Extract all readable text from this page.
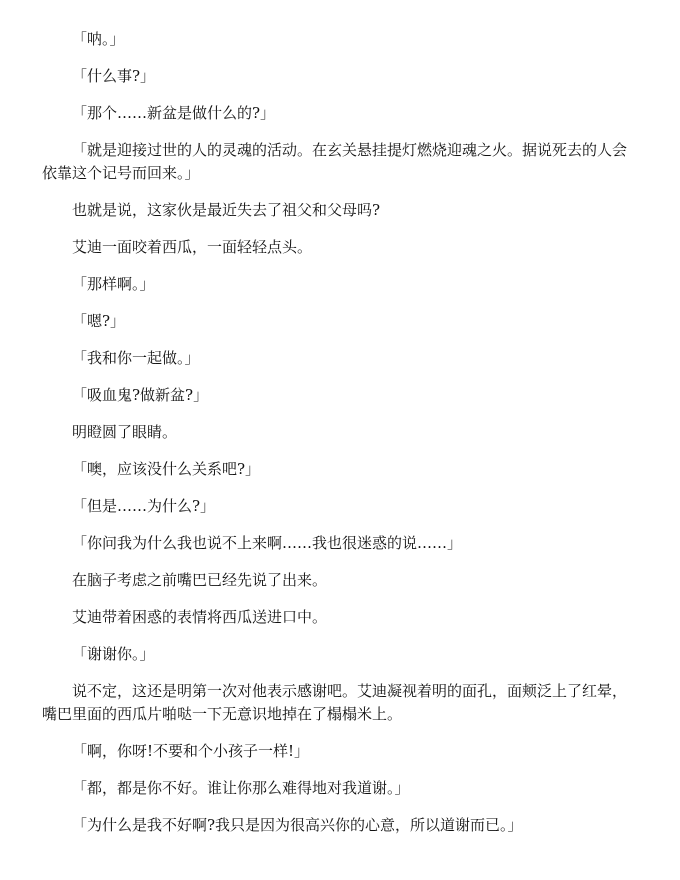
「呐。」

「什么事?」

「那个……新盆是做什么的?」

「就是迎接过世的人的灵魂的活动。在玄关悬挂提灯燃烧迎魂之火。据说死去的人会依靠这个记号而回来。」

也就是说，这家伙是最近失去了祖父和父母吗?

艾迪一面咬着西瓜，一面轻轻点头。

「那样啊。」

「嗯?」

「我和你一起做。」

「吸血鬼?做新盆?」

明瞪圆了眼睛。

「噢，应该没什么关系吧?」

「但是……为什么?」

「你问我为什么我也说不上来啊……我也很迷惑的说……」

在脑子考虑之前嘴巴已经先说了出来。

艾迪带着困惑的表情将西瓜送进口中。

「谢谢你。」

说不定，这还是明第一次对他表示感谢吧。艾迪凝视着明的面孔，面颊泛上了红晕，嘴巴里面的西瓜片啪哒一下无意识地掉在了榻榻米上。

「啊，你呀!不要和个小孩子一样!」

「都，都是你不好。谁让你那么难得地对我道谢。」

「为什么是我不好啊?我只是因为很高兴你的心意，所以道谢而已。」
